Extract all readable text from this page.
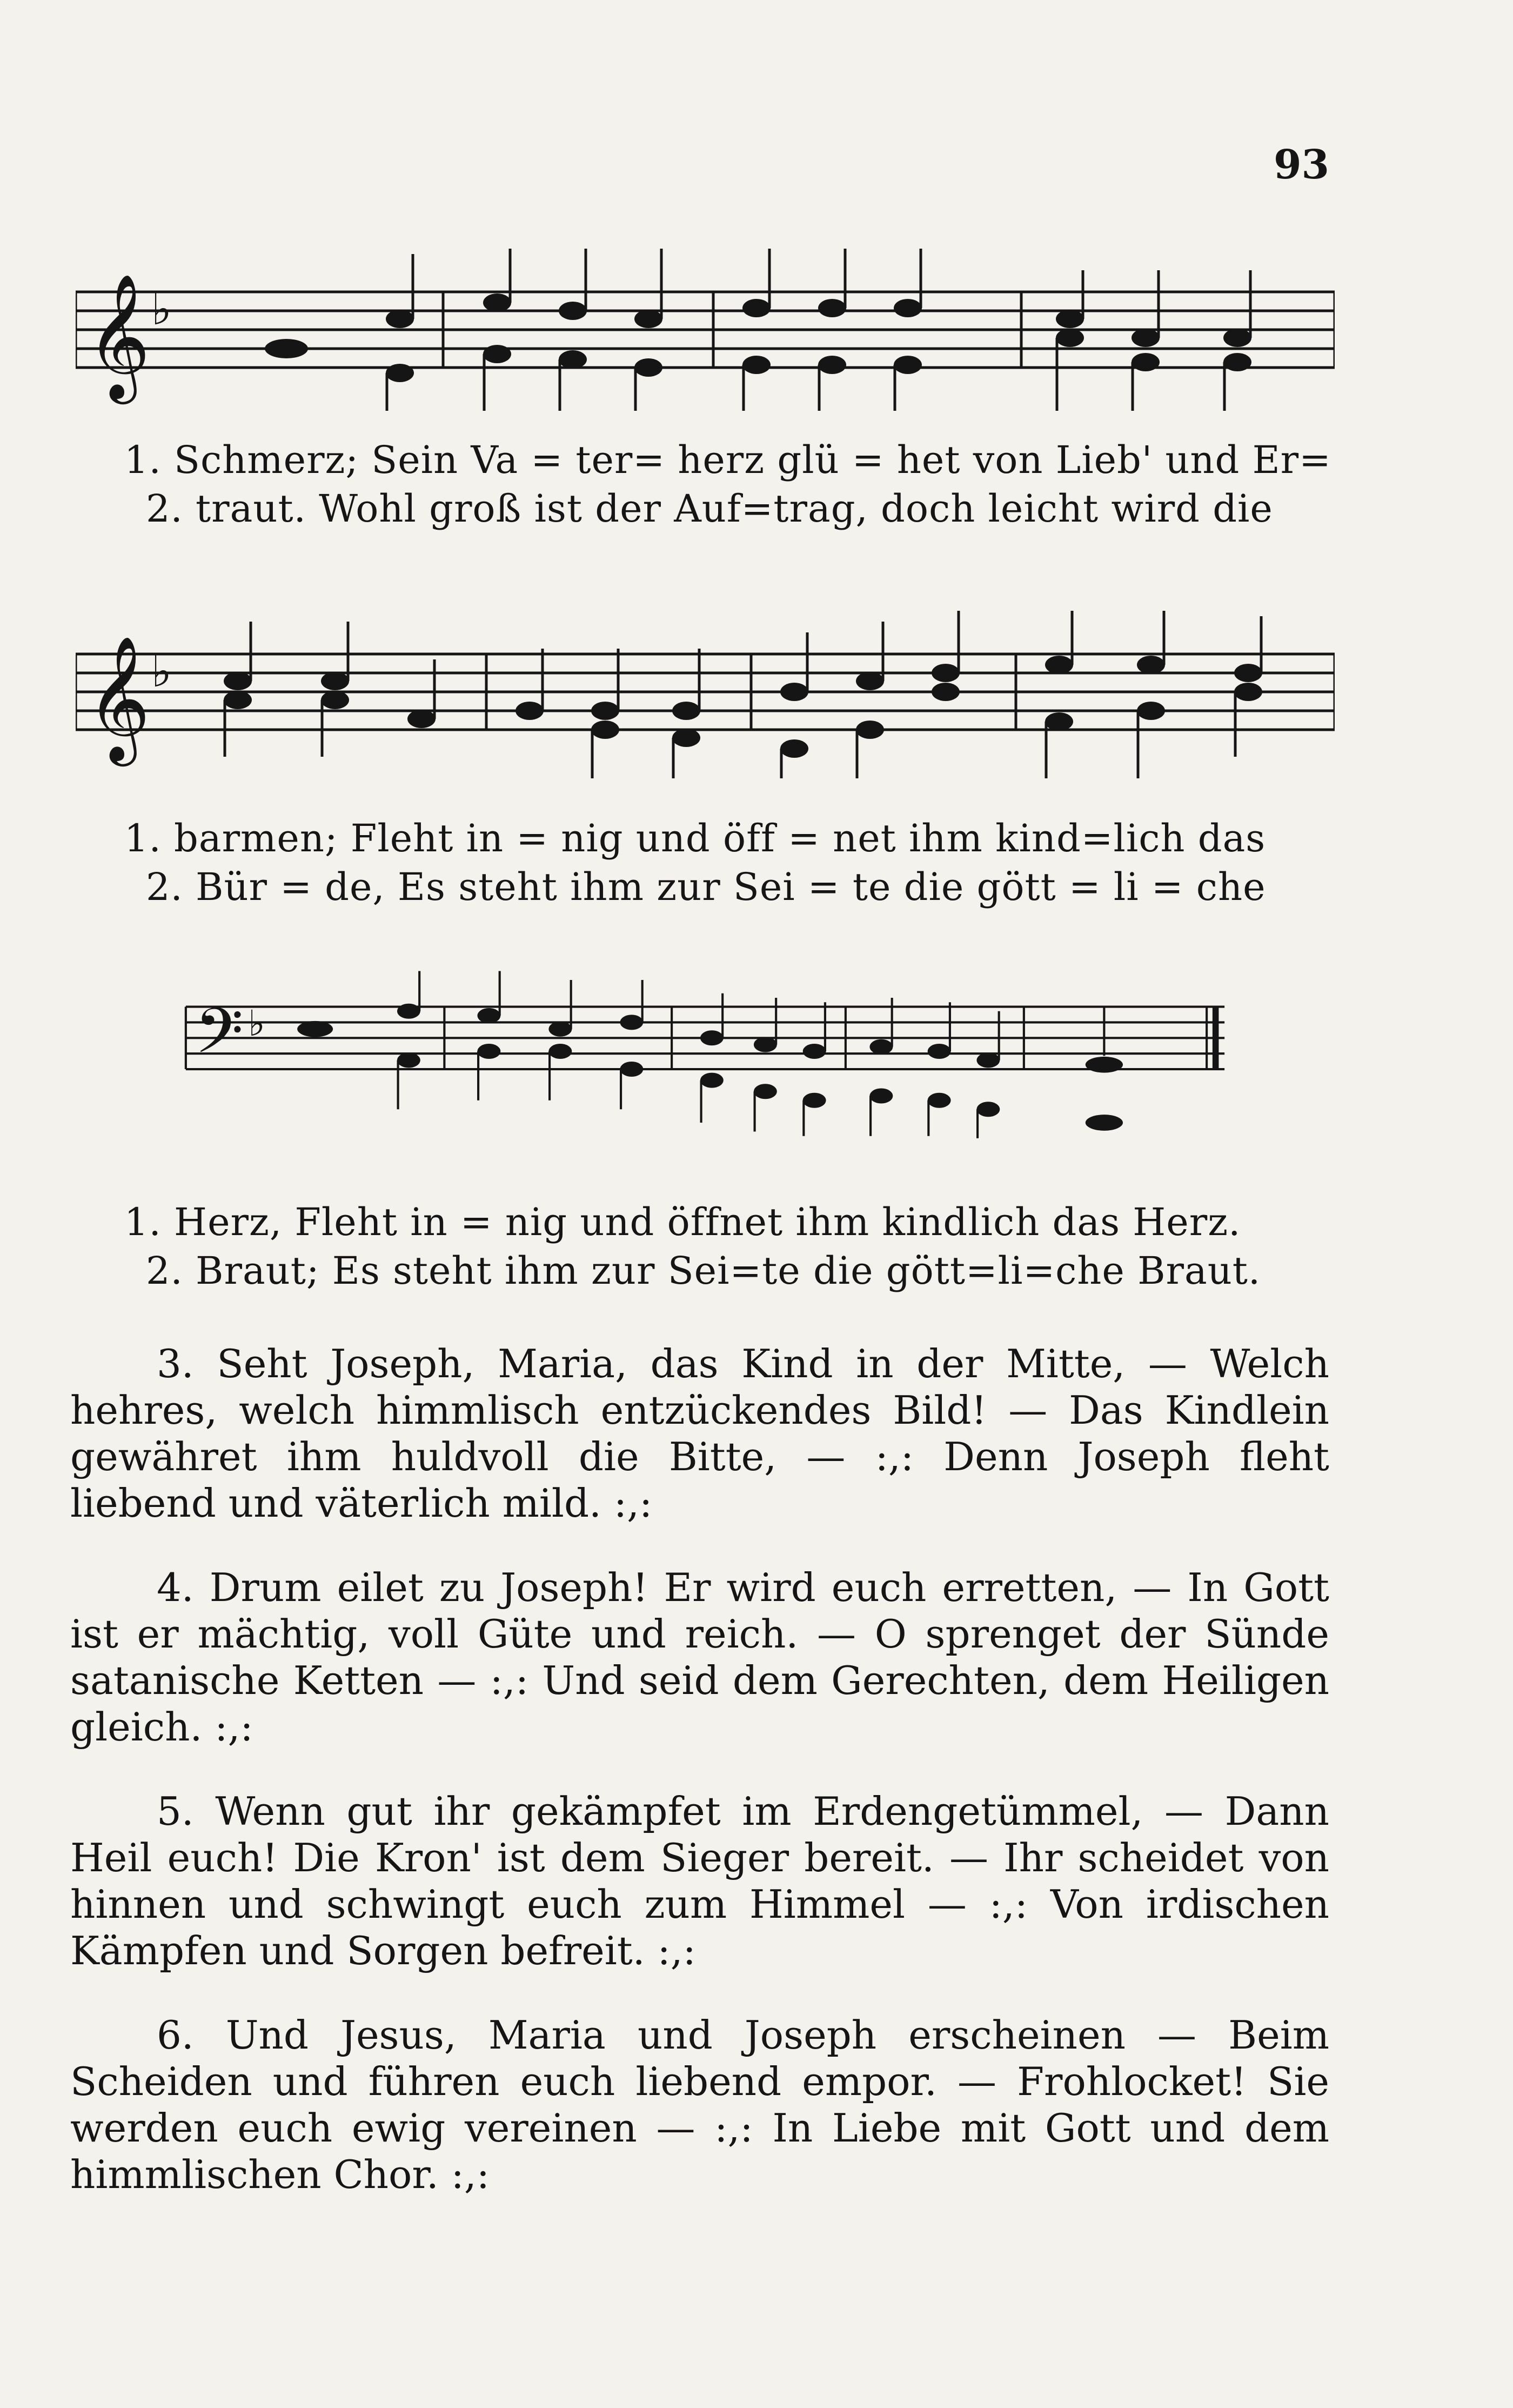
93
𝄞 ♭
1. Schmerz; Sein Va = ter= herz glü = het von Lieb' und Er=
2. traut. Wohl groß ist der Auf=trag, doch leicht wird die
𝄞 ♭
1. barmen; Fleht in = nig und öff = net ihm kind=lich das
2. Bür = de, Es steht ihm zur Sei = te die gött = li = che
𝄢 ♭
1. Herz, Fleht in = nig und öffnet ihm kindlich das Herz.
2. Braut; Es steht ihm zur Sei=te die gött=li=che Braut.

3. Seht Joseph, Maria, das Kind in der Mitte, — Welch hehres, welch himmlisch entzückendes Bild! — Das Kindlein gewähret ihm huldvoll die Bitte, — :,: Denn Joseph fleht liebend und väterlich mild. :,:

4. Drum eilet zu Joseph! Er wird euch erretten, — In Gott ist er mächtig, voll Güte und reich. — O sprenget der Sünde satanische Ketten — :,: Und seid dem Gerechten, dem Heiligen gleich. :,:

5. Wenn gut ihr gekämpfet im Erdengetümmel, — Dann Heil euch! Die Kron' ist dem Sieger bereit. — Ihr scheidet von hinnen und schwingt euch zum Himmel — :,: Von irdischen Kämpfen und Sorgen befreit. :,:

6. Und Jesus, Maria und Joseph erscheinen — Beim Scheiden und führen euch liebend empor. — Frohlocket! Sie werden euch ewig vereinen — :,: In Liebe mit Gott und dem himmlischen Chor. :,:
